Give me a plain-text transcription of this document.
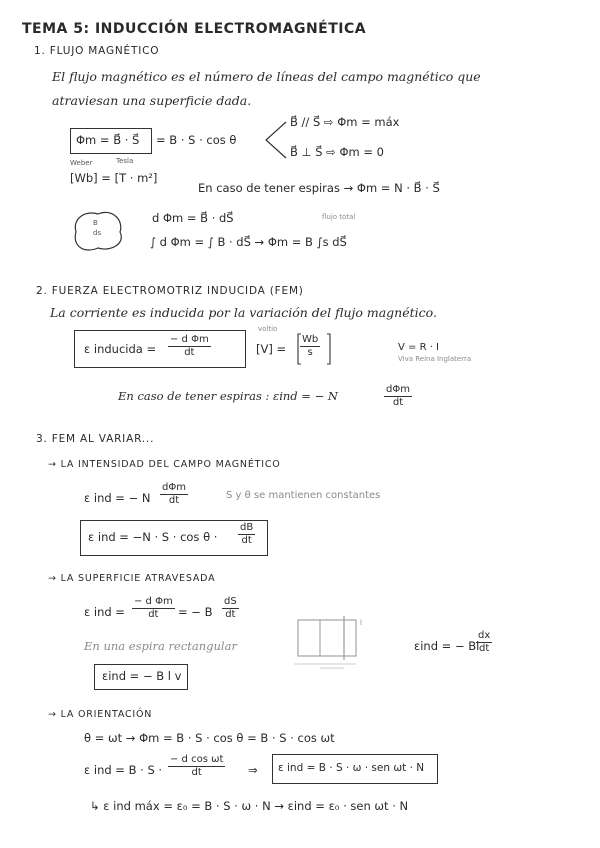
TEMA 5: INDUCCIÓN ELECTROMAGNÉTICA
1. FLUJO MAGNÉTICO
El flujo magnético es el número de líneas del campo magnético que
atraviesan una superficie dada.
Φm = B⃗ · S⃗ = B · S · cos θ
B⃗ // S⃗ ⇨ Φm = máx
B⃗ ⊥ S⃗ ⇨ Φm = 0
Weber	Tesla
[Wb] = [T · m²]
En caso de tener espiras → Φm = N · B⃗ · S⃗
B
ds
d Φm = B⃗ · dS⃗	flujo total
∫ d Φm = ∫ B · dS⃗ → Φm = B ∫s dS⃗
2. FUERZA ELECTROMOTRIZ INDUCIDA (FEM)
La corriente es inducida por la variación del flujo magnético.
ε inducida = $\frac{\text{− d Φm}}{dt}$
voltio
$[V] = \frac{Wb}{s}$	V = R · I
Viva Reina Inglaterra
En caso de tener espiras : εind = − N	dΦm
dt
3. FEM AL VARIAR...
→ LA INTENSIDAD DEL CAMPO MAGNÉTICO
ε ind = − N
dΦm
dt	S y θ se mantienen constantes
ε ind = $-N \cdot S \cdot \cos \theta \cdot \frac{dB}{dt}$
→ LA SUPERFICIE ATRAVESADA
ε ind = $\frac{\text{− d Φm}}{dt}$ = − B $\frac{dS}{dt}$
En una espira rectangular
l
εind = − Bl
$\frac{dx}{dt}$
εind = − B l v
→ LA ORIENTACIÓN
θ = ωt → Φm = B · S · cos θ = B · S · cos ωt
ε ind = $B \cdot S \cdot \frac{\text{− d cos ωt}}{dt}$ ⇒ ε ind = B · S · ω · sen ωt · N
↳ ε ind máx = ε₀ = B · S · ω · N → εind = ε₀ · sen ωt · N
